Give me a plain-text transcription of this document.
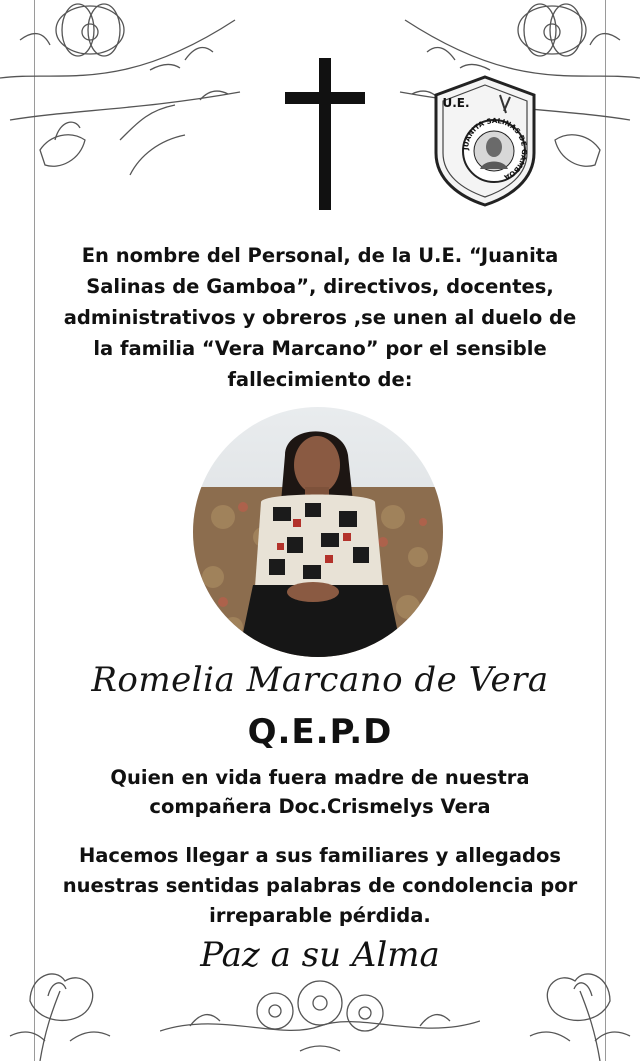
U.E.
JUANITA SALINAS DE GAMBOA

En nombre del Personal, de la U.E. “Juanita Salinas de Gamboa”, directivos, docentes, administrativos y obreros ,se unen al duelo de la familia “Vera Marcano” por el sensible fallecimiento de:

Romelia Marcano de Vera

Q.E.P.D

Quien en vida fuera madre de nuestra compañera Doc.Crismelys Vera

Hacemos llegar a sus familiares y allegados nuestras sentidas palabras de condolencia por irreparable pérdida.

Paz a su Alma
